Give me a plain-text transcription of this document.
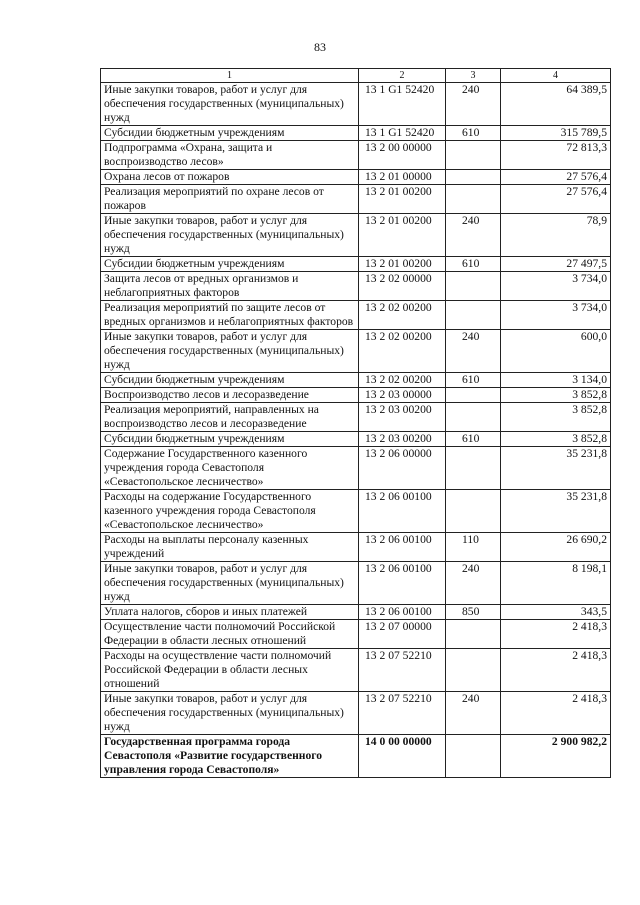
83
1	2	3	4
Иные закупки товаров, работ и услуг для обеспечения государственных (муниципальных) нужд	13 1 G1 52420	240	64 389,5
Субсидии бюджетным учреждениям	13 1 G1 52420	610	315 789,5
Подпрограмма «Охрана, защита и воспроизводство лесов»	13 2 00 00000		72 813,3
Охрана лесов от пожаров	13 2 01 00000		27 576,4
Реализация мероприятий по охране лесов от пожаров	13 2 01 00200		27 576,4
Иные закупки товаров, работ и услуг для обеспечения государственных (муниципальных) нужд	13 2 01 00200	240	78,9
Субсидии бюджетным учреждениям	13 2 01 00200	610	27 497,5
Защита лесов от вредных организмов и неблагоприятных факторов	13 2 02 00000		3 734,0
Реализация мероприятий по защите лесов от вредных организмов и неблагоприятных факторов	13 2 02 00200		3 734,0
Иные закупки товаров, работ и услуг для обеспечения государственных (муниципальных) нужд	13 2 02 00200	240	600,0
Субсидии бюджетным учреждениям	13 2 02 00200	610	3 134,0
Воспроизводство лесов и лесоразведение	13 2 03 00000		3 852,8
Реализация мероприятий, направленных на воспроизводство лесов и лесоразведение	13 2 03 00200		3 852,8
Субсидии бюджетным учреждениям	13 2 03 00200	610	3 852,8
Содержание Государственного казенного учреждения города Севастополя «Севастопольское лесничество»	13 2 06 00000		35 231,8
Расходы на содержание Государственного казенного учреждения города Севастополя «Севастопольское лесничество»	13 2 06 00100		35 231,8
Расходы на выплаты персоналу казенных учреждений	13 2 06 00100	110	26 690,2
Иные закупки товаров, работ и услуг для обеспечения государственных (муниципальных) нужд	13 2 06 00100	240	8 198,1
Уплата налогов, сборов и иных платежей	13 2 06 00100	850	343,5
Осуществление части полномочий Российской Федерации в области лесных отношений	13 2 07 00000		2 418,3
Расходы на осуществление части полномочий Российской Федерации в области лесных отношений	13 2 07 52210		2 418,3
Иные закупки товаров, работ и услуг для обеспечения государственных (муниципальных) нужд	13 2 07 52210	240	2 418,3
Государственная программа города Севастополя «Развитие государственного управления города Севастополя»	14 0 00 00000		2 900 982,2
